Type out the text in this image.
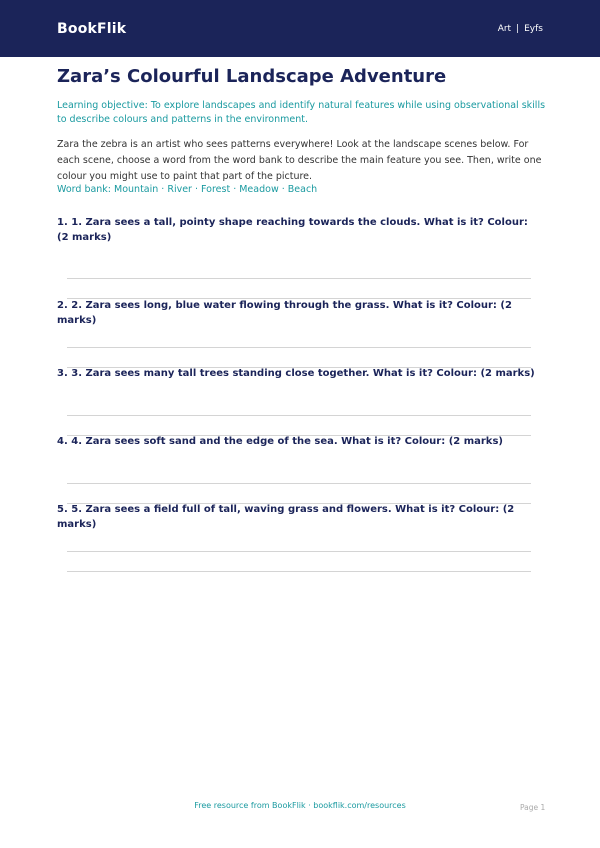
BookFlik	Art | Eyfs
Zara’s Colourful Landscape Adventure
Learning objective: To explore landscapes and identify natural features while using observational skills to describe colours and patterns in the environment.
Zara the zebra is an artist who sees patterns everywhere! Look at the landscape scenes below. For each scene, choose a word from the word bank to describe the main feature you see. Then, write one colour you might use to paint that part of the picture.
Word bank: Mountain · River · Forest · Meadow · Beach
1. 1. Zara sees a tall, pointy shape reaching towards the clouds. What is it? Colour: (2 marks)
2. 2. Zara sees long, blue water flowing through the grass. What is it? Colour: (2 marks)
3. 3. Zara sees many tall trees standing close together. What is it? Colour: (2 marks)
4. 4. Zara sees soft sand and the edge of the sea. What is it? Colour: (2 marks)
5. 5. Zara sees a field full of tall, waving grass and flowers. What is it? Colour: (2 marks)
Free resource from BookFlik · bookflik.com/resources	Page 1
